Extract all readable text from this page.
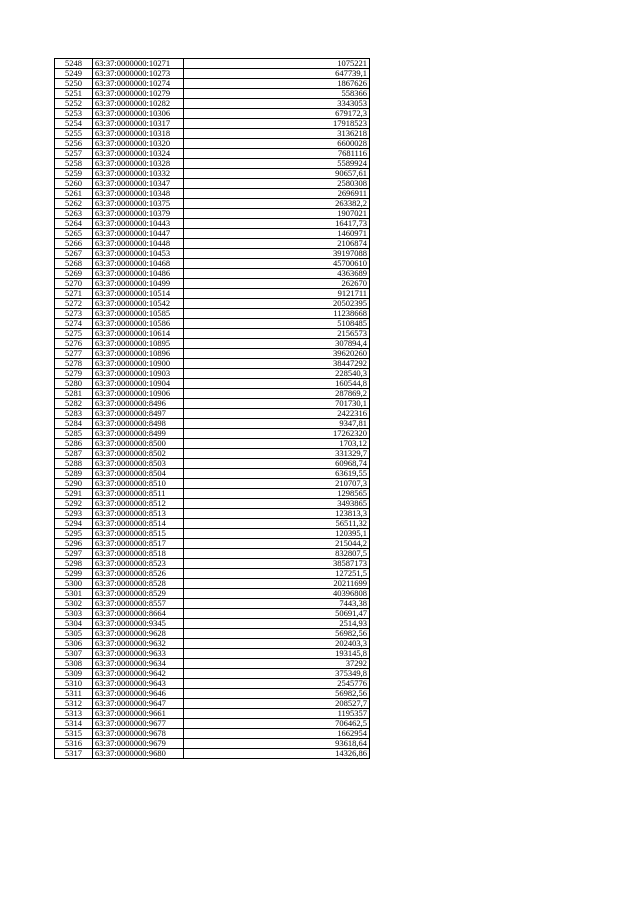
5248	63:37:0000000:10271	1075221
5249	63:37:0000000:10273	647739,1
5250	63:37:0000000:10274	1867626
5251	63:37:0000000:10279	558366
5252	63:37:0000000:10282	3343053
5253	63:37:0000000:10306	679172,3
5254	63:37:0000000:10317	17918523
5255	63:37:0000000:10318	3136218
5256	63:37:0000000:10320	6600028
5257	63:37:0000000:10324	7681116
5258	63:37:0000000:10328	5589924
5259	63:37:0000000:10332	90657,61
5260	63:37:0000000:10347	2580308
5261	63:37:0000000:10348	2696911
5262	63:37:0000000:10375	263382,2
5263	63:37:0000000:10379	1907021
5264	63:37:0000000:10443	16417,73
5265	63:37:0000000:10447	1460971
5266	63:37:0000000:10448	2106874
5267	63:37:0000000:10453	39197088
5268	63:37:0000000:10468	45700610
5269	63:37:0000000:10486	4363689
5270	63:37:0000000:10499	262670
5271	63:37:0000000:10514	9121711
5272	63:37:0000000:10542	20502395
5273	63:37:0000000:10585	11238668
5274	63:37:0000000:10586	5108485
5275	63:37:0000000:10614	2156573
5276	63:37:0000000:10895	307894,4
5277	63:37:0000000:10896	39620260
5278	63:37:0000000:10900	38447292
5279	63:37:0000000:10903	228540,3
5280	63:37:0000000:10904	160544,8
5281	63:37:0000000:10906	287869,2
5282	63:37:0000000:8496	701730,1
5283	63:37:0000000:8497	2422316
5284	63:37:0000000:8498	9347,81
5285	63:37:0000000:8499	17262320
5286	63:37:0000000:8500	1703,12
5287	63:37:0000000:8502	331329,7
5288	63:37:0000000:8503	60968,74
5289	63:37:0000000:8504	63619,55
5290	63:37:0000000:8510	210707,3
5291	63:37:0000000:8511	1298565
5292	63:37:0000000:8512	3493865
5293	63:37:0000000:8513	123813,3
5294	63:37:0000000:8514	56511,32
5295	63:37:0000000:8515	120395,1
5296	63:37:0000000:8517	215044,2
5297	63:37:0000000:8518	832807,5
5298	63:37:0000000:8523	38587173
5299	63:37:0000000:8526	127251,5
5300	63:37:0000000:8528	20211699
5301	63:37:0000000:8529	40396808
5302	63:37:0000000:8557	7443,38
5303	63:37:0000000:8664	50691,47
5304	63:37:0000000:9345	2514,93
5305	63:37:0000000:9628	56982,56
5306	63:37:0000000:9632	202403,3
5307	63:37:0000000:9633	193145,8
5308	63:37:0000000:9634	37292
5309	63:37:0000000:9642	375349,8
5310	63:37:0000000:9643	2545776
5311	63:37:0000000:9646	56982,56
5312	63:37:0000000:9647	208527,7
5313	63:37:0000000:9661	1195357
5314	63:37:0000000:9677	706462,5
5315	63:37:0000000:9678	1662954
5316	63:37:0000000:9679	93618,64
5317	63:37:0000000:9680	14326,86
